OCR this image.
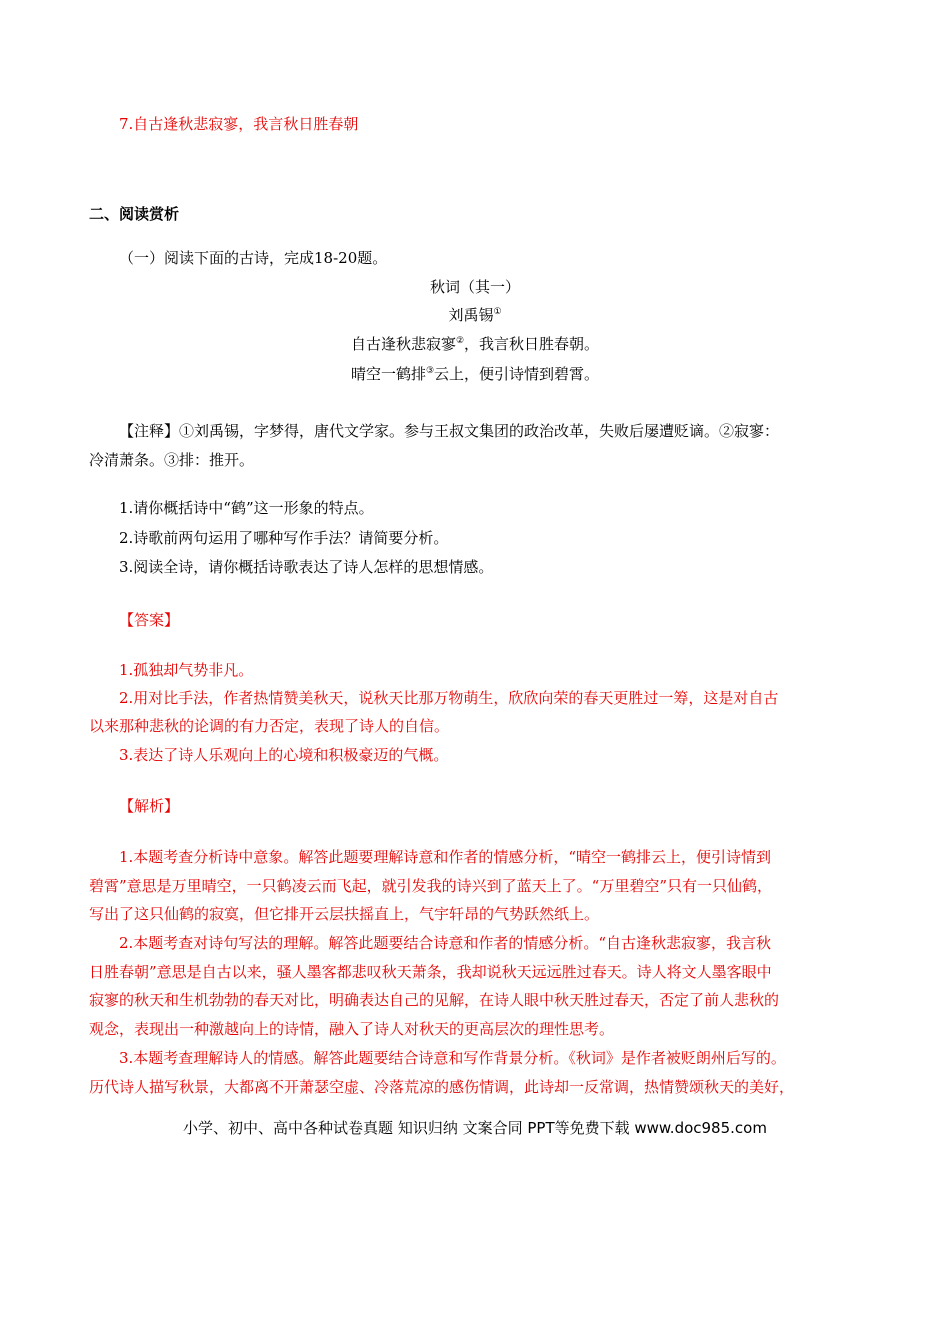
7.自古逢秋悲寂寥，我言秋日胜春朝
二、阅读赏析
（一）阅读下面的古诗，完成18-20题。
秋词（其一）
刘禹锡①
自古逢秋悲寂寥②，我言秋日胜春朝。
晴空一鹤排③云上，便引诗情到碧霄。
【注释】①刘禹锡，字梦得，唐代文学家。参与王叔文集团的政治改革，失败后屡遭贬谪。②寂寥：
冷清萧条。③排：推开。
1.请你概括诗中“鹤”这一形象的特点。
2.诗歌前两句运用了哪种写作手法？请简要分析。
3.阅读全诗，请你概括诗歌表达了诗人怎样的思想情感。
【答案】
1.孤独却气势非凡。
2.用对比手法，作者热情赞美秋天，说秋天比那万物萌生，欣欣向荣的春天更胜过一筹，这是对自古
以来那种悲秋的论调的有力否定，表现了诗人的自信。
3.表达了诗人乐观向上的心境和积极豪迈的气概。
【解析】
1.本题考查分析诗中意象。解答此题要理解诗意和作者的情感分析，“晴空一鹤排云上，便引诗情到
碧霄”意思是万里晴空，一只鹤凌云而飞起，就引发我的诗兴到了蓝天上了。“万里碧空”只有一只仙鹤，
写出了这只仙鹤的寂寞，但它排开云层扶摇直上，气宇轩昂的气势跃然纸上。
2.本题考查对诗句写法的理解。解答此题要结合诗意和作者的情感分析。“自古逢秋悲寂寥，我言秋
日胜春朝”意思是自古以来，骚人墨客都悲叹秋天萧条，我却说秋天远远胜过春天。诗人将文人墨客眼中
寂寥的秋天和生机勃勃的春天对比，明确表达自己的见解，在诗人眼中秋天胜过春天，否定了前人悲秋的
观念，表现出一种激越向上的诗情，融入了诗人对秋天的更高层次的理性思考。
3.本题考查理解诗人的情感。解答此题要结合诗意和写作背景分析。《秋词》是作者被贬朗州后写的。
历代诗人描写秋景，大都离不开萧瑟空虚、冷落荒凉的感伤情调，此诗却一反常调，热情赞颂秋天的美好，
小学、初中、高中各种试卷真题 知识归纳 文案合同 PPT等免费下载 www.doc985.com
